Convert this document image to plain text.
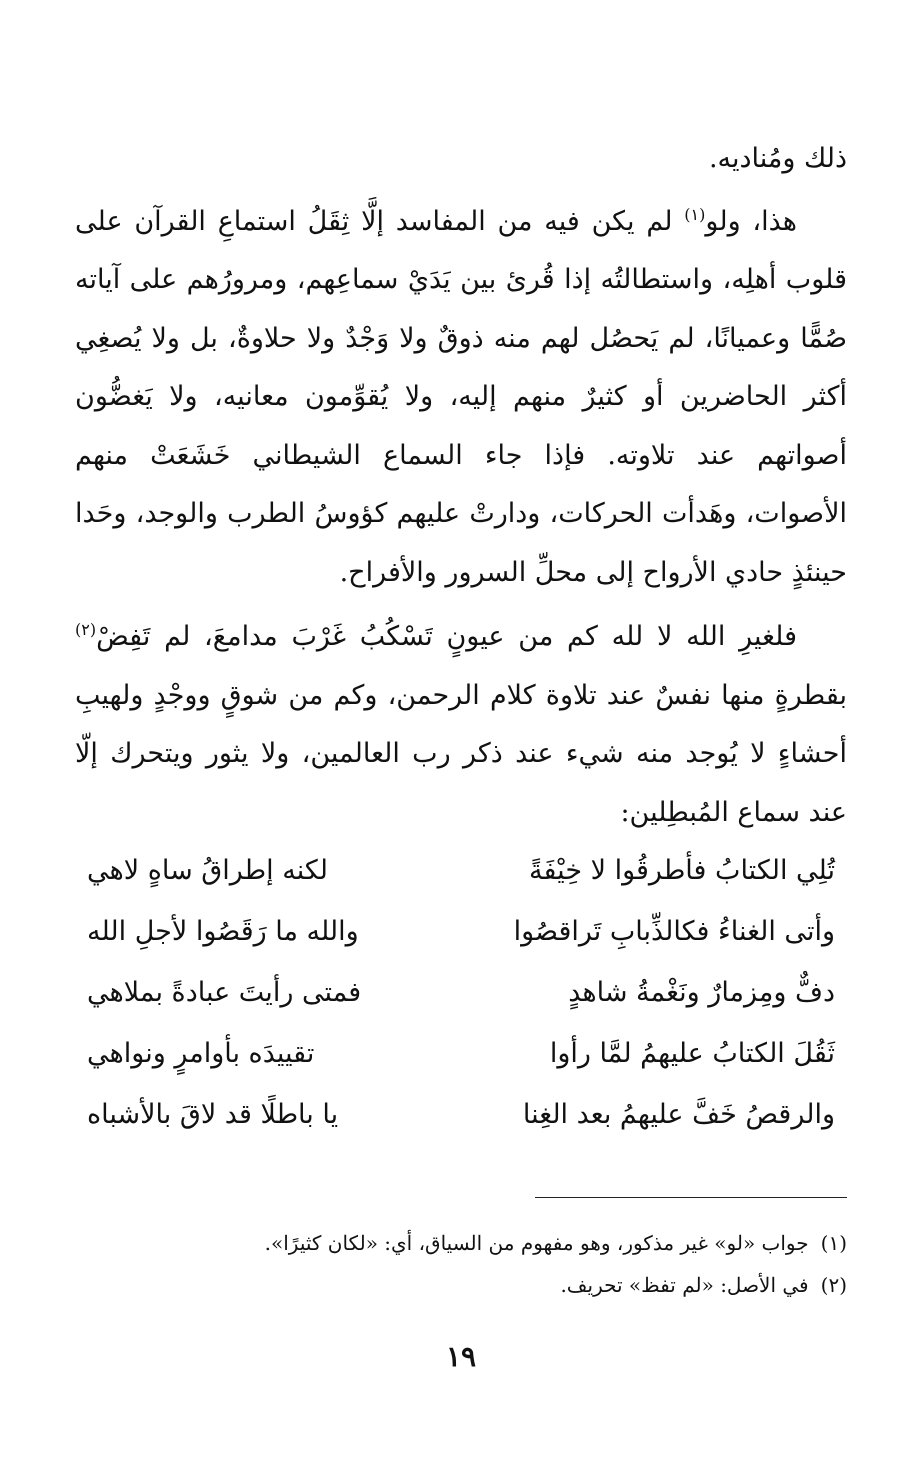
ذلك ومُناديه.

هذا، ولو$^{(١)}$ لم يكن فيه من المفاسد إلَّا ثِقَلُ استماعِ القرآن على قلوب أهلِه، واستطالتُه إذا قُرئ بين يَدَيْ سماعِهم، ومرورُهم على آياته صُمًّا وعميانًا، لم يَحصُل لهم منه ذوقٌ ولا وَجْدٌ ولا حلاوةٌ، بل ولا يُصغِي أكثر الحاضرين أو كثيرٌ منهم إليه، ولا يُقوِّمون معانيه، ولا يَغضُّون أصواتهم عند تلاوته. فإذا جاء السماع الشيطاني خَشَعَتْ منهم الأصوات، وهَدأت الحركات، ودارتْ عليهم كؤوسُ الطرب والوجد، وحَدا حينئذٍ حادي الأرواح إلى محلِّ السرور والأفراح.

فلغيرِ الله لا لله كم من عيونٍ تَسْكُبُ غَرْبَ مدامعَ، لم تَفِضْ$^{(٢)}$ بقطرةٍ منها نفسٌ عند تلاوة كلام الرحمن، وكم من شوقٍ ووجْدٍ ولهيبِ أحشاءٍ لا يُوجد منه شيء عند ذكر رب العالمين، ولا يثور ويتحرك إلّا عند سماع المُبطِلين:

تُلِي الكتابُ فأطرقُوا لا خِيْفَةً
لكنه إطراقُ ساهٍ لاهي
وأتى الغناءُ فكالذِّبابِ تَراقصُوا
والله ما رَقَصُوا لأجلِ الله
دفٌّ ومِزمارٌ ونَغْمةُ شاهدٍ
فمتى رأيتَ عبادةً بملاهي
ثَقُلَ الكتابُ عليهمُ لمَّا رأوا
تقييدَه بأوامرٍ ونواهي
والرقصُ خَفَّ عليهمُ بعد الغِنا
يا باطلًا قد لاقَ بالأشباه
(١)
جواب «لو» غير مذكور، وهو مفهوم من السياق، أي: «لكان كثيرًا».
(٢)
في الأصل: «لم تفظ» تحريف.
١٩
